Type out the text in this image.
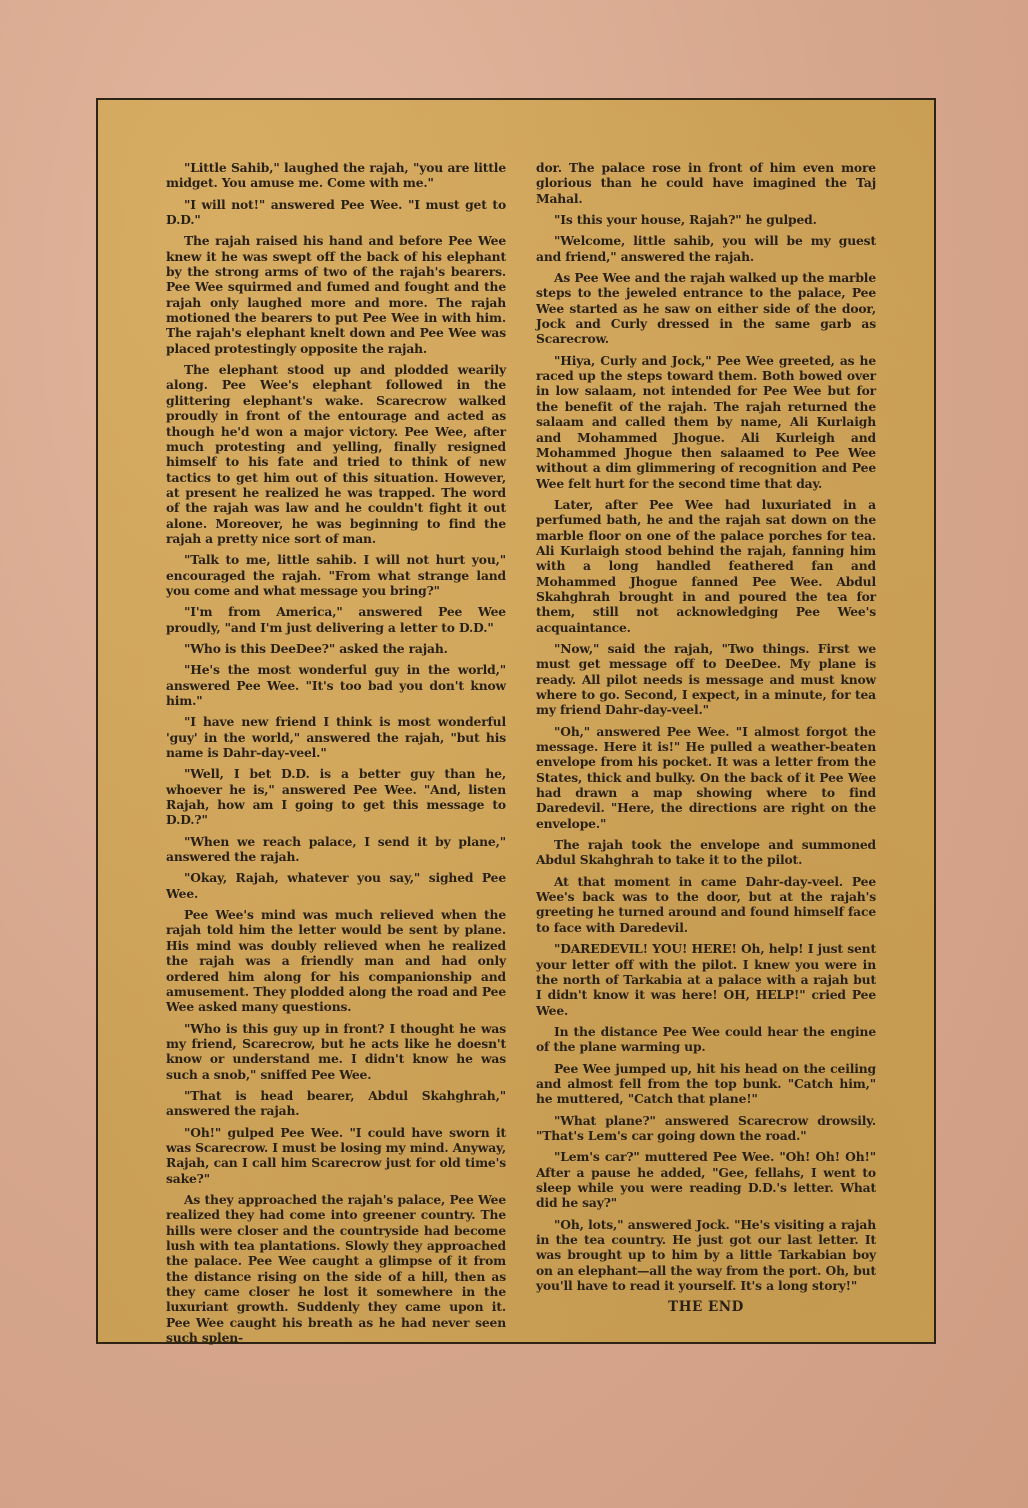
"Little Sahib," laughed the rajah, "you are little midget. You amuse me. Come with me."

"I will not!" answered Pee Wee. "I must get to D.D."

The rajah raised his hand and before Pee Wee knew it he was swept off the back of his elephant by the strong arms of two of the rajah's bearers. Pee Wee squirmed and fumed and fought and the rajah only laughed more and more. The rajah motioned the bearers to put Pee Wee in with him. The rajah's elephant knelt down and Pee Wee was placed protestingly opposite the rajah.

The elephant stood up and plodded wearily along. Pee Wee's elephant followed in the glittering elephant's wake. Scarecrow walked proudly in front of the entourage and acted as though he'd won a major victory. Pee Wee, after much protesting and yelling, finally resigned himself to his fate and tried to think of new tactics to get him out of this situation. However, at present he realized he was trapped. The word of the rajah was law and he couldn't fight it out alone. Moreover, he was beginning to find the rajah a pretty nice sort of man.

"Talk to me, little sahib. I will not hurt you," encouraged the rajah. "From what strange land you come and what message you bring?"

"I'm from America," answered Pee Wee proudly, "and I'm just delivering a letter to D.D."

"Who is this DeeDee?" asked the rajah.

"He's the most wonderful guy in the world," answered Pee Wee. "It's too bad you don't know him."

"I have new friend I think is most wonderful 'guy' in the world," answered the rajah, "but his name is Dahr-day-veel."

"Well, I bet D.D. is a better guy than he, whoever he is," answered Pee Wee. "And, listen Rajah, how am I going to get this message to D.D.?"

"When we reach palace, I send it by plane," answered the rajah.

"Okay, Rajah, whatever you say," sighed Pee Wee.

Pee Wee's mind was much relieved when the rajah told him the letter would be sent by plane. His mind was doubly relieved when he realized the rajah was a friendly man and had only ordered him along for his companionship and amusement. They plodded along the road and Pee Wee asked many questions.

"Who is this guy up in front? I thought he was my friend, Scarecrow, but he acts like he doesn't know or understand me. I didn't know he was such a snob," sniffed Pee Wee.

"That is head bearer, Abdul Skahghrah," answered the rajah.

"Oh!" gulped Pee Wee. "I could have sworn it was Scarecrow. I must be losing my mind. Anyway, Rajah, can I call him Scarecrow just for old time's sake?"

As they approached the rajah's palace, Pee Wee realized they had come into greener country. The hills were closer and the countryside had become lush with tea plantations. Slowly they approached the palace. Pee Wee caught a glimpse of it from the distance rising on the side of a hill, then as they came closer he lost it somewhere in the luxuriant growth. Suddenly they came upon it. Pee Wee caught his breath as he had never seen such splen-

dor. The palace rose in front of him even more glorious than he could have imagined the Taj Mahal.

"Is this your house, Rajah?" he gulped.

"Welcome, little sahib, you will be my guest and friend," answered the rajah.

As Pee Wee and the rajah walked up the marble steps to the jeweled entrance to the palace, Pee Wee started as he saw on either side of the door, Jock and Curly dressed in the same garb as Scarecrow.

"Hiya, Curly and Jock," Pee Wee greeted, as he raced up the steps toward them. Both bowed over in low salaam, not intended for Pee Wee but for the benefit of the rajah. The rajah returned the salaam and called them by name, Ali Kurlaigh and Mohammed Jhogue. Ali Kurleigh and Mohammed Jhogue then salaamed to Pee Wee without a dim glimmering of recognition and Pee Wee felt hurt for the second time that day.

Later, after Pee Wee had luxuriated in a perfumed bath, he and the rajah sat down on the marble floor on one of the palace porches for tea. Ali Kurlaigh stood behind the rajah, fanning him with a long handled feathered fan and Mohammed Jhogue fanned Pee Wee. Abdul Skahghrah brought in and poured the tea for them, still not acknowledging Pee Wee's acquaintance.

"Now," said the rajah, "Two things. First we must get message off to DeeDee. My plane is ready. All pilot needs is message and must know where to go. Second, I expect, in a minute, for tea my friend Dahr-day-veel."

"Oh," answered Pee Wee. "I almost forgot the message. Here it is!" He pulled a weather-beaten envelope from his pocket. It was a letter from the States, thick and bulky. On the back of it Pee Wee had drawn a map showing where to find Daredevil. "Here, the directions are right on the envelope."

The rajah took the envelope and summoned Abdul Skahghrah to take it to the pilot.

At that moment in came Dahr-day-veel. Pee Wee's back was to the door, but at the rajah's greeting he turned around and found himself face to face with Daredevil.

"DAREDEVIL! YOU! HERE! Oh, help! I just sent your letter off with the pilot. I knew you were in the north of Tarkabia at a palace with a rajah but I didn't know it was here! OH, HELP!" cried Pee Wee.

In the distance Pee Wee could hear the engine of the plane warming up.

Pee Wee jumped up, hit his head on the ceiling and almost fell from the top bunk. "Catch him," he muttered, "Catch that plane!"

"What plane?" answered Scarecrow drowsily. "That's Lem's car going down the road."

"Lem's car?" muttered Pee Wee. "Oh! Oh! Oh!" After a pause he added, "Gee, fellahs, I went to sleep while you were reading D.D.'s letter. What did he say?"

"Oh, lots," answered Jock. "He's visiting a rajah in the tea country. He just got our last letter. It was brought up to him by a little Tarkabian boy on an elephant—all the way from the port. Oh, but you'll have to read it yourself. It's a long story!"

THE END
